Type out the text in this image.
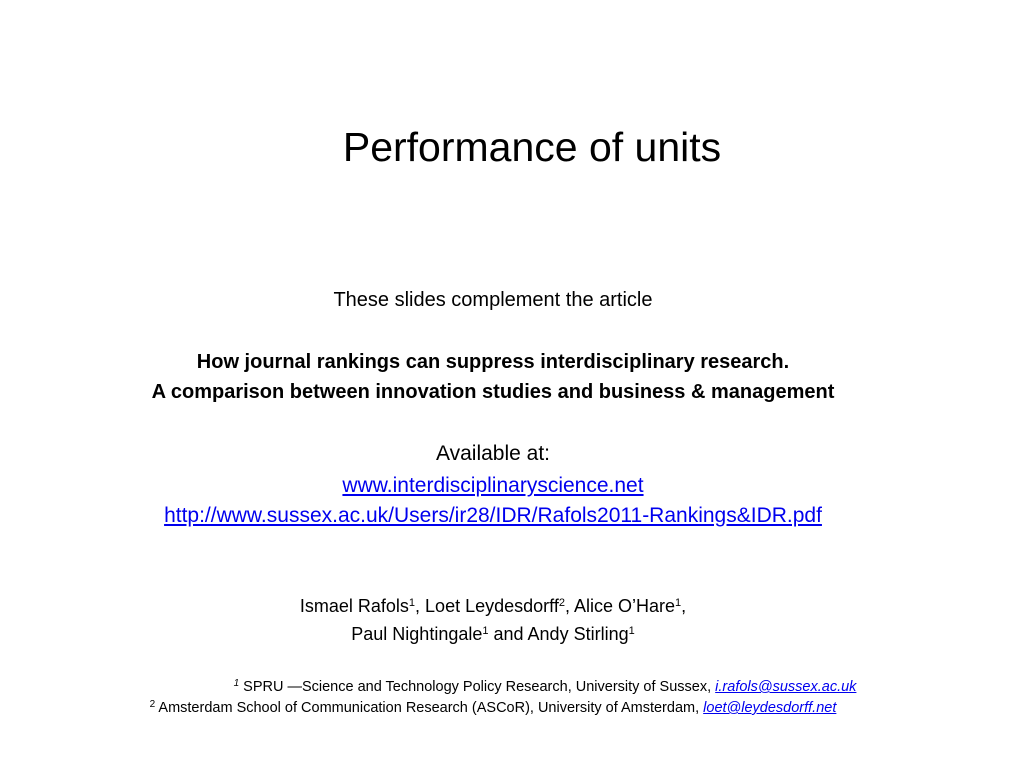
Performance of units
These slides complement the article
How journal rankings can suppress interdisciplinary research.
A comparison between innovation studies and business & management
Available at:
www.interdisciplinaryscience.net
http://www.sussex.ac.uk/Users/ir28/IDR/Rafols2011-Rankings&IDR.pdf
Ismael Rafols$^1$, Loet Leydesdorff$^2$, Alice O’Hare$^1$,
Paul Nightingale$^1$ and Andy Stirling$^1$
$^1$ SPRU —Science and Technology Policy Research, University of Sussex, i.rafols@sussex.ac.uk
$^2$ Amsterdam School of Communication Research (ASCoR), University of Amsterdam, loet@leydesdorff.net
